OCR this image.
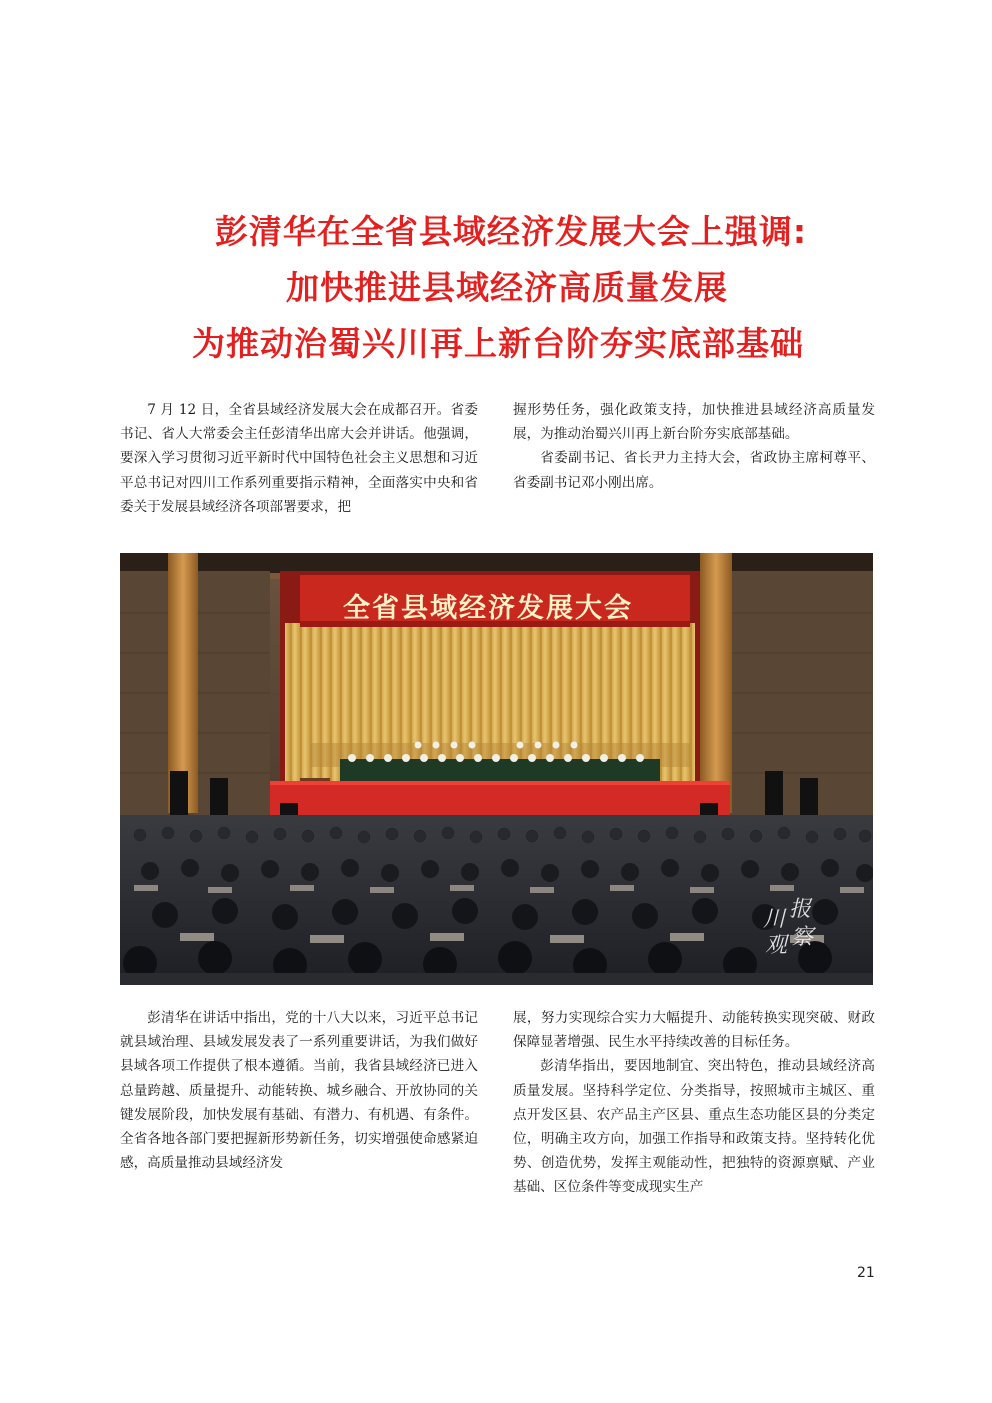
彭清华在全省县域经济发展大会上强调:
加快推进县域经济高质量发展
为推动治蜀兴川再上新台阶夯实底部基础

7 月 12 日，全省县域经济发展大会在成都召开。省委书记、省人大常委会主任彭清华出席大会并讲话。他强调，要深入学习贯彻习近平新时代中国特色社会主义思想和习近平总书记对四川工作系列重要指示精神，全面落实中央和省委关于发展县域经济各项部署要求，把

握形势任务，强化政策支持，加快推进县域经济高质量发展，为推动治蜀兴川再上新台阶夯实底部基础。

省委副书记、省长尹力主持大会，省政协主席柯尊平、省委副书记邓小刚出席。

全省县域经济发展大会
川 报
观 察

彭清华在讲话中指出，党的十八大以来，习近平总书记就县域治理、县域发展发表了一系列重要讲话，为我们做好县域各项工作提供了根本遵循。当前，我省县域经济已进入总量跨越、质量提升、动能转换、城乡融合、开放协同的关键发展阶段，加快发展有基础、有潜力、有机遇、有条件。全省各地各部门要把握新形势新任务，切实增强使命感紧迫感，高质量推动县域经济发

展，努力实现综合实力大幅提升、动能转换实现突破、财政保障显著增强、民生水平持续改善的目标任务。

彭清华指出，要因地制宜、突出特色，推动县域经济高质量发展。坚持科学定位、分类指导，按照城市主城区、重点开发区县、农产品主产区县、重点生态功能区县的分类定位，明确主攻方向，加强工作指导和政策支持。坚持转化优势、创造优势，发挥主观能动性，把独特的资源禀赋、产业基础、区位条件等变成现实生产

21
